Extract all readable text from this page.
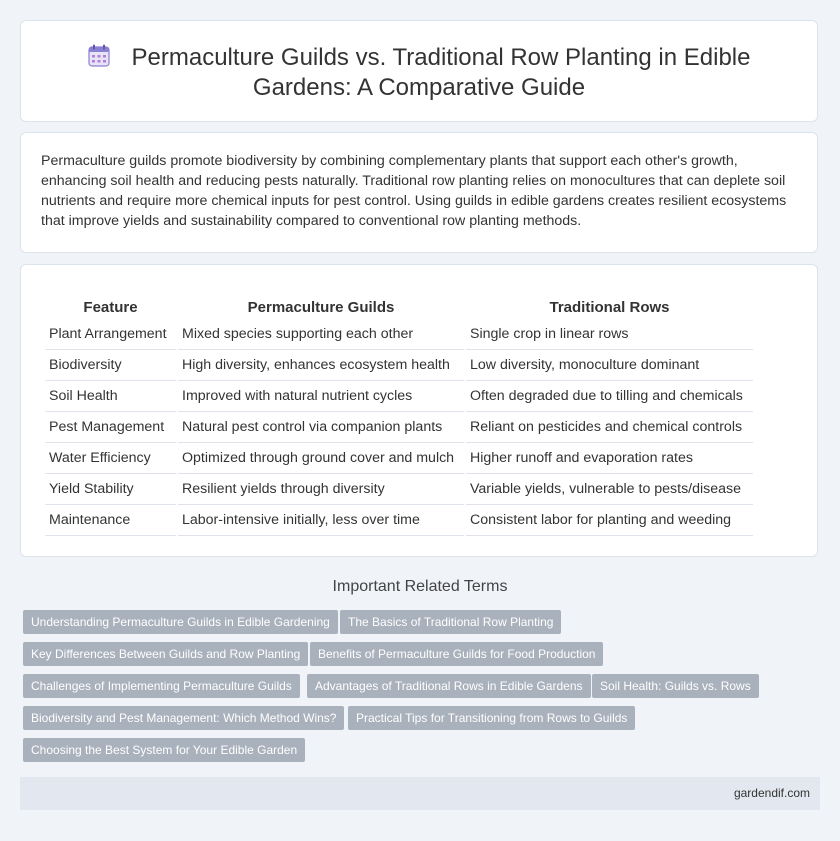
Permaculture Guilds vs. Traditional Row Planting in Edible
Gardens: A Comparative Guide

Permaculture guilds promote biodiversity by combining complementary plants that support each other's growth, enhancing soil health and reducing pests naturally. Traditional row planting relies on monocultures that can deplete soil nutrients and require more chemical inputs for pest control. Using guilds in edible gardens creates resilient ecosystems that improve yields and sustainability compared to conventional row planting methods.

Feature	Permaculture Guilds	Traditional Rows
Plant Arrangement	Mixed species supporting each other	Single crop in linear rows
Biodiversity	High diversity, enhances ecosystem health	Low diversity, monoculture dominant
Soil Health	Improved with natural nutrient cycles	Often degraded due to tilling and chemicals
Pest Management	Natural pest control via companion plants	Reliant on pesticides and chemical controls
Water Efficiency	Optimized through ground cover and mulch	Higher runoff and evaporation rates
Yield Stability	Resilient yields through diversity	Variable yields, vulnerable to pests/disease
Maintenance	Labor-intensive initially, less over time	Consistent labor for planting and weeding
Important Related Terms
Understanding Permaculture Guilds in Edible Gardening	The Basics of Traditional Row Planting
Key Differences Between Guilds and Row Planting	Benefits of Permaculture Guilds for Food Production
Challenges of Implementing Permaculture Guilds	Advantages of Traditional Rows in Edible Gardens	Soil Health: Guilds vs. Rows
Biodiversity and Pest Management: Which Method Wins?	Practical Tips for Transitioning from Rows to Guilds
Choosing the Best System for Your Edible Garden
gardendif.com
